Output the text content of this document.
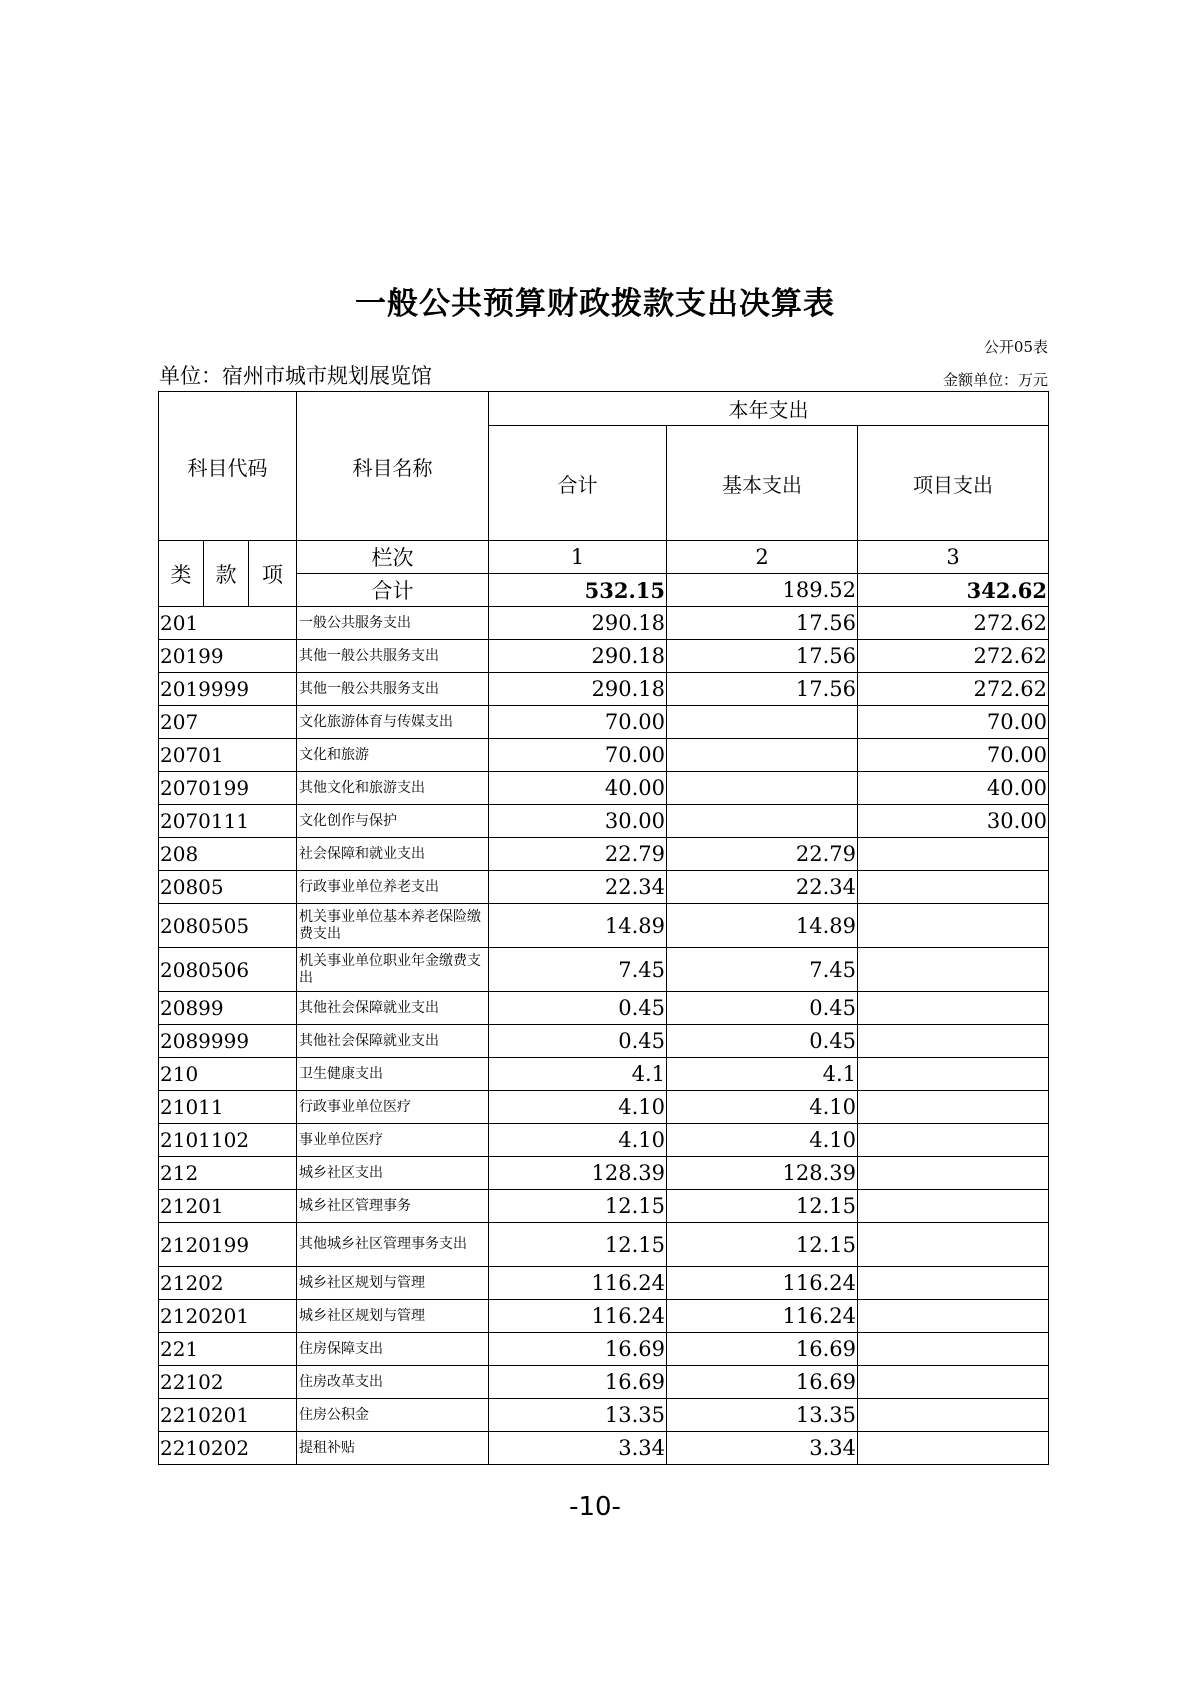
一般公共预算财政拨款支出决算表
公开05表
单位：宿州市城市规划展览馆	金额单位：万元
科目代码			科目名称	本年支出		
				合计	基本支出	项目支出
类	款	项	栏次	1	2	3
			合计	532.15	189.52	342.62
201			一般公共服务支出	290.18	17.56	272.62
20199			其他一般公共服务支出	290.18	17.56	272.62
2019999			其他一般公共服务支出	290.18	17.56	272.62
207			文化旅游体育与传媒支出	70.00		70.00
20701			文化和旅游	70.00		70.00
2070199			其他文化和旅游支出	40.00		40.00
2070111			文化创作与保护	30.00		30.00
208			社会保障和就业支出	22.79	22.79	
20805			行政事业单位养老支出	22.34	22.34	
2080505			机关事业单位基本养老保险缴费支出	14.89	14.89	
2080506			机关事业单位职业年金缴费支出	7.45	7.45	
20899			其他社会保障就业支出	0.45	0.45	
2089999			其他社会保障就业支出	0.45	0.45	
210			卫生健康支出	4.1	4.1	
21011			行政事业单位医疗	4.10	4.10	
2101102			事业单位医疗	4.10	4.10	
212			城乡社区支出	128.39	128.39	
21201			城乡社区管理事务	12.15	12.15	
2120199			其他城乡社区管理事务支出	12.15	12.15	
21202			城乡社区规划与管理	116.24	116.24	
2120201			城乡社区规划与管理	116.24	116.24	
221			住房保障支出	16.69	16.69	
22102			住房改革支出	16.69	16.69	
2210201			住房公积金	13.35	13.35	
2210202			提租补贴	3.34	3.34	
-10-
